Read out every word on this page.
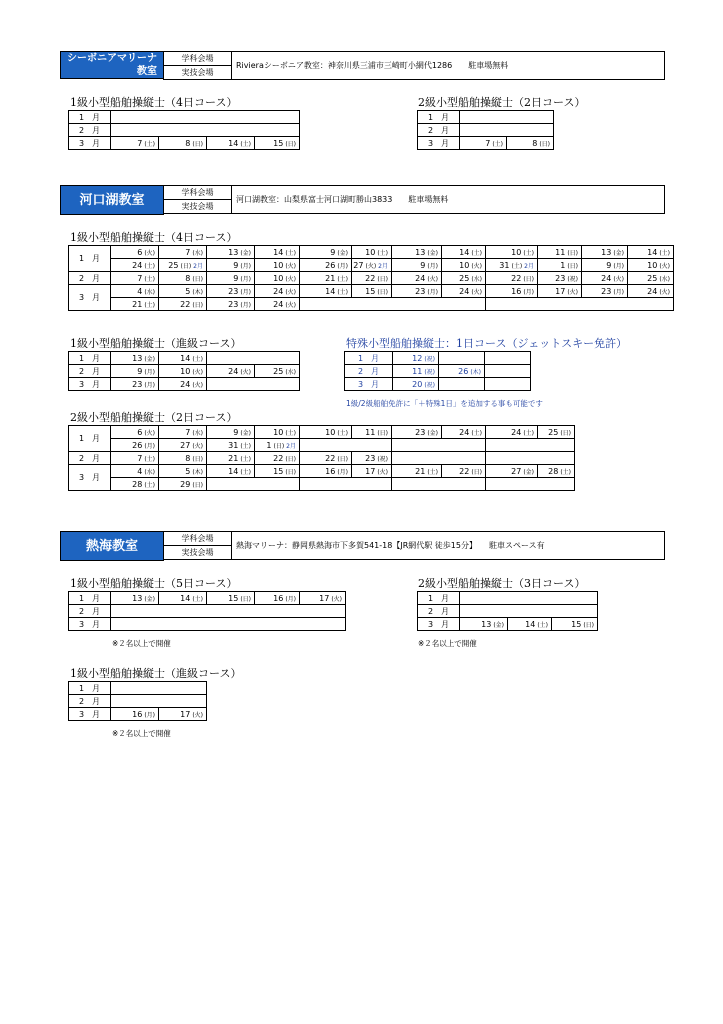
シーボニアマリーナ
教室
学科会場	Rivieraシーボニア教室：神奈川県三浦市三崎町小網代1286　　駐車場無料
実技会場
1級小型船舶操縦士（4日コース）
1　月				
2　月				
3　月	7 (土)	8 (日)	14 (土)	15 (日)
2級小型船舶操縦士（2日コース）
1　月		
2　月		
3　月	7 (土)	8 (日)
河口湖教室	学科会場	河口湖教室：山梨県富士河口湖町勝山3833　　駐車場無料
実技会場
1級小型船舶操縦士（4日コース）
1　月	6 (火)	7 (水)	13 (金)	14 (土)	9 (金)	10 (土)	13 (金)	14 (土)	10 (土)	11 (日)	13 (金)	14 (土)
	24 (土)	25 (日) 2月	9 (月)	10 (火)	26 (月)	27 (火) 2月	9 (月)	10 (火)	31 (土) 2月	1 (日)	9 (月)	10 (火)
2　月	7 (土)	8 (日)	9 (月)	10 (火)	21 (土)	22 (日)	24 (火)	25 (水)	22 (日)	23 (祝)	24 (火)	25 (水)
3　月	4 (水)	5 (木)	23 (月)	24 (火)	14 (土)	15 (日)	23 (月)	24 (火)	16 (月)	17 (火)	23 (月)	24 (火)
	21 (土)	22 (日)	23 (月)	24 (火)								
1級小型船舶操縦士（進級コース）
1　月	13 (金)	14 (土)		
2　月	9 (月)	10 (火)	24 (火)	25 (水)
3　月	23 (月)	24 (火)		
特殊小型船舶操縦士：1日コース（ジェットスキー免許）
1　月	12 (祝)		
2　月	11 (祝)	26 (木)	
3　月	20 (祝)		
1級/2級船舶免許に「＋特殊1日」を追加する事も可能です
2級小型船舶操縦士（2日コース）
1　月	6 (火)	7 (水)	9 (金)	10 (土)	10 (土)	11 (日)	23 (金)	24 (土)	24 (土)	25 (日)
	26 (月)	27 (火)	31 (土)	1 (日) 2月						
2　月	7 (土)	8 (日)	21 (土)	22 (日)	22 (日)	23 (祝)				
3　月	4 (水)	5 (木)	14 (土)	15 (日)	16 (月)	17 (火)	21 (土)	22 (日)	27 (金)	28 (土)
	28 (土)	29 (日)								
熱海教室	学科会場	熱海マリーナ：静岡県熱海市下多賀541-18【JR網代駅 徒歩15分】　　駐車スペース有
実技会場
1級小型船舶操縦士（5日コース）
1　月	13 (金)	14 (土)	15 (日)	16 (月)	17 (火)
2　月					
3　月					
※２名以上で開催
2級小型船舶操縦士（3日コース）
1　月			
2　月			
3　月	13 (金)	14 (土)	15 (日)
※２名以上で開催
1級小型船舶操縦士（進級コース）
1　月		
2　月		
3　月	16 (月)	17 (火)
※２名以上で開催
